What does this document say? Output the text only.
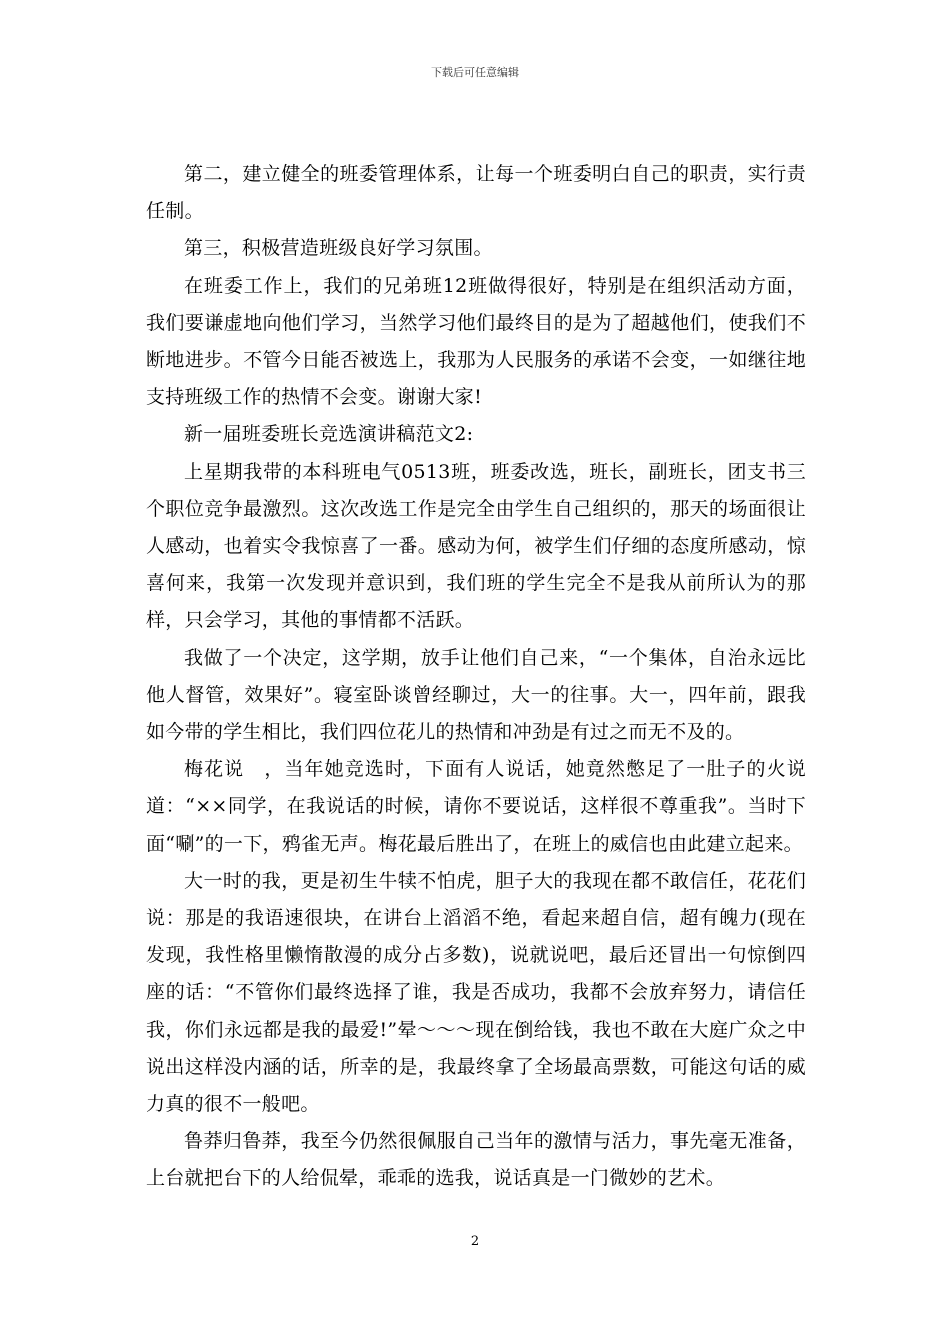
下载后可任意编辑

第二，建立健全的班委管理体系，让每一个班委明白自己的职责，实行责任制。

第三，积极营造班级良好学习氛围。

在班委工作上，我们的兄弟班12班做得很好，特别是在组织活动方面，我们要谦虚地向他们学习，当然学习他们最终目的是为了超越他们，使我们不断地进步。不管今日能否被选上，我那为人民服务的承诺不会变，一如继往地支持班级工作的热情不会变。谢谢大家!

新一届班委班长竞选演讲稿范文2:

上星期我带的本科班电气0513班，班委改选，班长，副班长，团支书三个职位竞争最激烈。这次改选工作是完全由学生自己组织的，那天的场面很让人感动，也着实令我惊喜了一番。感动为何，被学生们仔细的态度所感动，惊喜何来，我第一次发现并意识到，我们班的学生完全不是我从前所认为的那样，只会学习，其他的事情都不活跃。

我做了一个决定，这学期，放手让他们自己来，“一个集体，自治永远比他人督管，效果好”。寝室卧谈曾经聊过，大一的往事。大一，四年前，跟我如今带的学生相比，我们四位花儿的热情和冲劲是有过之而无不及的。

梅花说　，当年她竞选时，下面有人说话，她竟然憋足了一肚子的火说道：“××同学，在我说话的时候，请你不要说话，这样很不尊重我”。当时下面“唰”的一下，鸦雀无声。梅花最后胜出了，在班上的威信也由此建立起来。

大一时的我，更是初生牛犊不怕虎，胆子大的我现在都不敢信任，花花们说：那是的我语速很块，在讲台上滔滔不绝，看起来超自信，超有魄力(现在发现，我性格里懒惰散漫的成分占多数)，说就说吧，最后还冒出一句惊倒四座的话：“不管你们最终选择了谁，我是否成功，我都不会放弃努力，请信任我，你们永远都是我的最爱!”晕～～～现在倒给钱，我也不敢在大庭广众之中说出这样没内涵的话，所幸的是，我最终拿了全场最高票数，可能这句话的威力真的很不一般吧。

鲁莽归鲁莽，我至今仍然很佩服自己当年的激情与活力，事先毫无准备，上台就把台下的人给侃晕，乖乖的选我，说话真是一门微妙的艺术。

2
